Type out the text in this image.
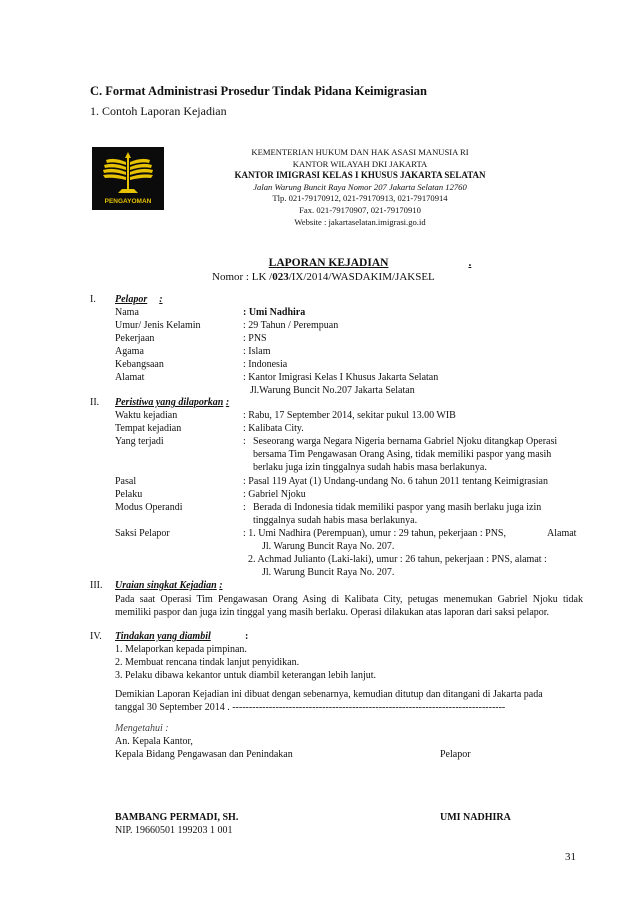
C. Format Administrasi Prosedur Tindak Pidana Keimigrasian
1. Contoh Laporan Kejadian
PENGAYOMAN
KEMENTERIAN HUKUM DAN HAK ASASI MANUSIA RI
KANTOR WILAYAH DKI JAKARTA
KANTOR IMIGRASI KELAS I KHUSUS JAKARTA SELATAN
Jalan Warung Buncit Raya Nomor 207 Jakarta Selatan 12760
Tlp. 021-79170912, 021-79170913, 021-79170914
Fax. 021-79170907, 021-79170910
Website : jakartaselatan.imigrasi.go.id
LAPORAN KEJADIAN	.
Nomor : LK /023/IX/2014/WASDAKIM/JAKSEL
I. Pelapor :
Nama	: Umi Nadhira
Umur/ Jenis Kelamin	: 29 Tahun / Perempuan
Pekerjaan	: PNS
Agama	: Islam
Kebangsaan	: Indonesia
Alamat	: Kantor Imigrasi Kelas I Khusus Jakarta Selatan
Jl.Warung Buncit No.207 Jakarta Selatan
II. Peristiwa yang dilaporkan :
Waktu kejadian	: Rabu, 17 September 2014, sekitar pukul 13.00 WIB
Tempat kejadian	: Kalibata City.
Yang terjadi	: Seseorang warga Negara Nigeria bernama Gabriel Njoku ditangkap Operasi
bersama Tim Pengawasan Orang Asing, tidak memiliki paspor yang masih
berlaku juga izin tinggalnya sudah habis masa berlakunya.
Pasal	: Pasal 119 Ayat (1) Undang-undang No. 6 tahun 2011 tentang Keimigrasian
Pelaku	: Gabriel Njoku
Modus Operandi	: Berada di Indonesia tidak memiliki paspor yang masih berlaku juga izin
tinggalnya sudah habis masa berlakunya.
Saksi Pelapor	: 1. Umi Nadhira (Perempuan), umur : 29 tahun, pekerjaan : PNS,	Alamat
Jl. Warung Buncit Raya No. 207.
2. Achmad Julianto (Laki-laki), umur : 26 tahun, pekerjaan : PNS, alamat :
Jl. Warung Buncit Raya No. 207.
III. Uraian singkat Kejadian :
Pada saat Operasi Tim Pengawasan Orang Asing di Kalibata City, petugas menemukan Gabriel Njoku tidak memiliki paspor dan juga izin tinggal yang masih berlaku. Operasi dilakukan atas laporan dari saksi pelapor.
IV. Tindakan yang diambil	:
1. Melaporkan kepada pimpinan.
2. Membuat rencana tindak lanjut penyidikan.
3. Pelaku dibawa kekantor untuk diambil keterangan lebih lanjut.
Demikian Laporan Kejadian ini dibuat dengan sebenarnya, kemudian ditutup dan ditangani di Jakarta pada
tanggal 30 September 2014 . ----------------------------------------------------------------------------------
Mengetahui :
An. Kepala Kantor,
Kepala Bidang Pengawasan dan Penindakan	Pelapor
BAMBANG PERMADI, SH.	UMI NADHIRA
NIP. 19660501 199203 1 001
31
